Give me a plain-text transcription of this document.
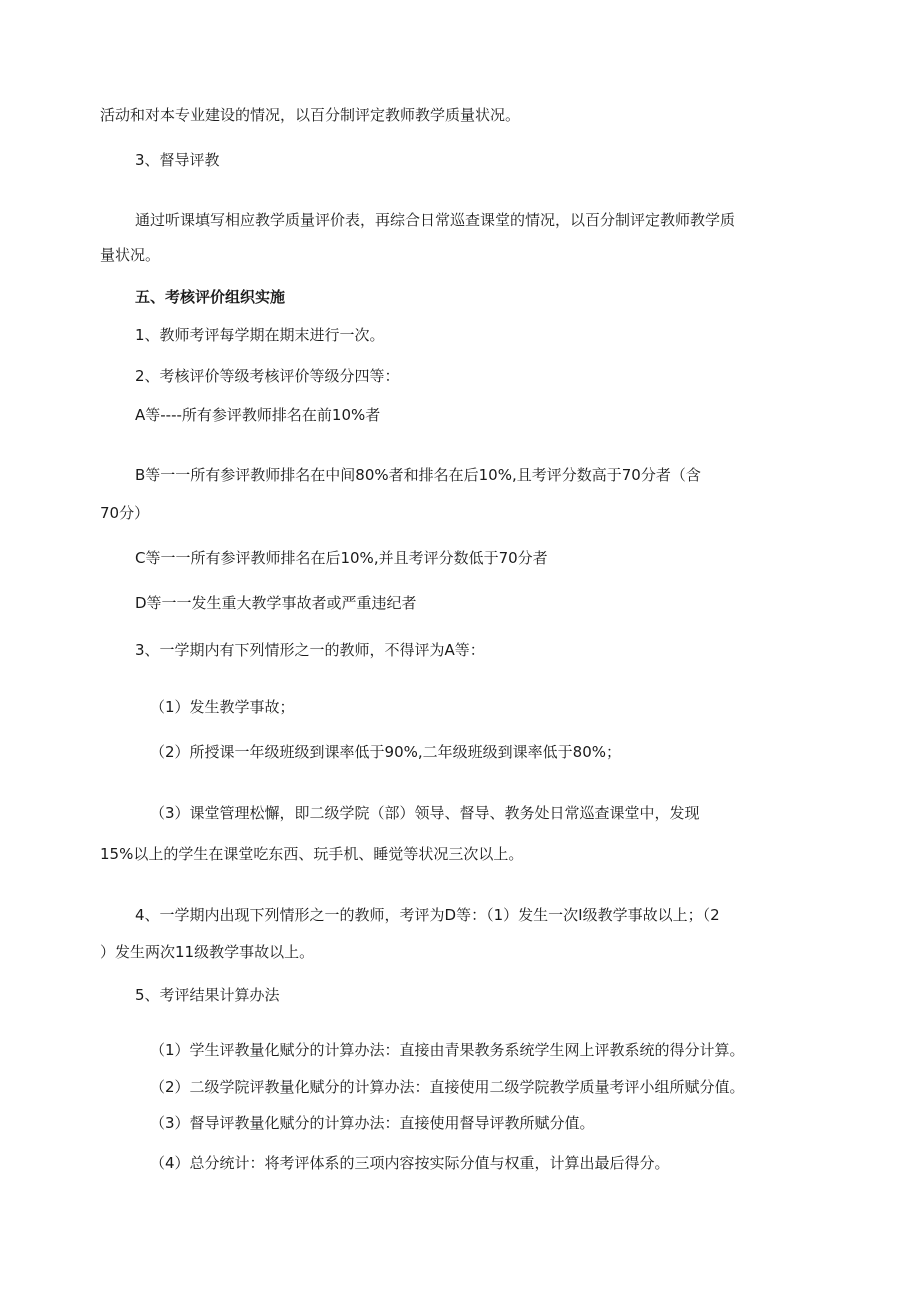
活动和对本专业建设的情况，以百分制评定教师教学质量状况。

3、督导评教

通过听课填写相应教学质量评价表，再综合日常巡查课堂的情况，以百分制评定教师教学质

量状况。

五、考核评价组织实施

1、教师考评每学期在期末进行一次。

2、考核评价等级考核评价等级分四等：

A等----所有参评教师排名在前10%者

B等一一所有参评教师排名在中间80%者和排名在后10%,且考评分数高于70分者（含

70分）

C等一一所有参评教师排名在后10%,并且考评分数低于70分者

D等一一发生重大教学事故者或严重违纪者

3、一学期内有下列情形之一的教师，不得评为A等：

（1）发生教学事故；

（2）所授课一年级班级到课率低于90%,二年级班级到课率低于80%；

（3）课堂管理松懈，即二级学院（部）领导、督导、教务处日常巡查课堂中，发现

15%以上的学生在课堂吃东西、玩手机、睡觉等状况三次以上。

4、一学期内出现下列情形之一的教师，考评为D等：（1）发生一次I级教学事故以上；（2

）发生两次11级教学事故以上。

5、考评结果计算办法

（1）学生评教量化赋分的计算办法：直接由青果教务系统学生网上评教系统的得分计算。

（2）二级学院评教量化赋分的计算办法：直接使用二级学院教学质量考评小组所赋分值。

（3）督导评教量化赋分的计算办法：直接使用督导评教所赋分值。

（4）总分统计：将考评体系的三项内容按实际分值与权重，计算出最后得分。
